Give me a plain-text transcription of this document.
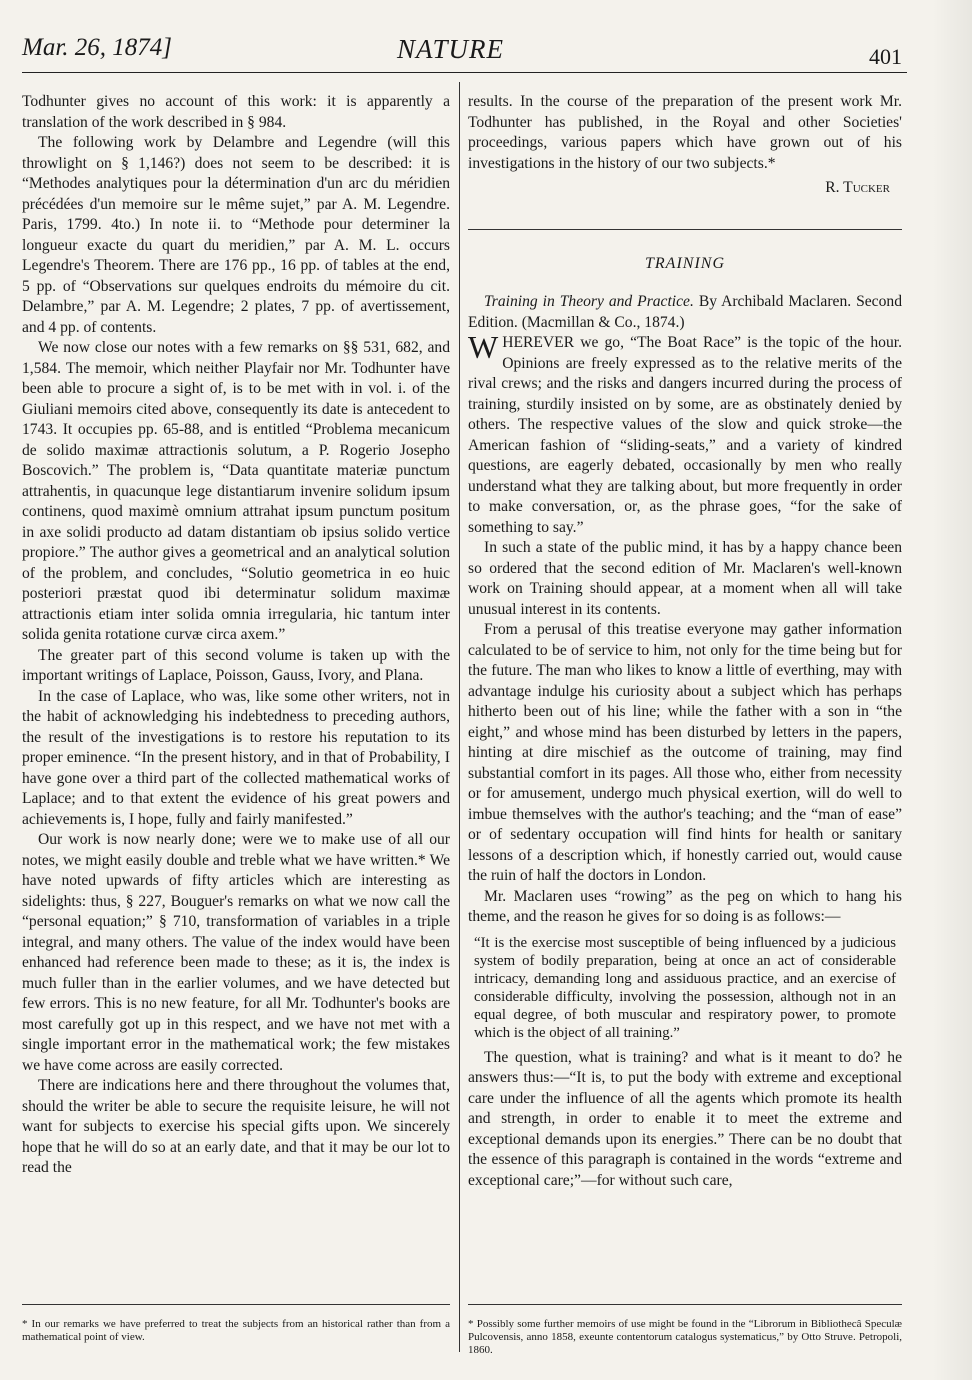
Mar. 26, 1874]	NATURE	401

Todhunter gives no account of this work: it is apparently a translation of the work described in § 984.

The following work by Delambre and Legendre (will this throwlight on § 1,146?) does not seem to be described: it is “Methodes analytiques pour la détermination d'un arc du méridien précédées d'un memoire sur le même sujet,” par A. M. Legendre. Paris, 1799. 4to.) In note ii. to “Methode pour determiner la longueur exacte du quart du meridien,” par A. M. L. occurs Legendre's Theorem. There are 176 pp., 16 pp. of tables at the end, 5 pp. of “Observations sur quelques endroits du mémoire du cit. Delambre,” par A. M. Legendre; 2 plates, 7 pp. of avertissement, and 4 pp. of contents.

We now close our notes with a few remarks on §§ 531, 682, and 1,584. The memoir, which neither Playfair nor Mr. Todhunter have been able to procure a sight of, is to be met with in vol. i. of the Giuliani memoirs cited above, consequently its date is antecedent to 1743. It occupies pp. 65-88, and is entitled “Problema mecanicum de solido maximæ attractionis solutum, a P. Rogerio Josepho Boscovich.” The problem is, “Data quantitate materiæ punctum attrahentis, in quacunque lege distantiarum invenire solidum ipsum continens, quod maximè omnium attrahat ipsum punctum positum in axe solidi producto ad datam distantiam ob ipsius solido vertice propiore.” The author gives a geometrical and an analytical solution of the problem, and concludes, “Solutio geometrica in eo huic posteriori præstat quod ibi determinatur solidum maximæ attractionis etiam inter solida omnia irregularia, hic tantum inter solida genita rotatione curvæ circa axem.”

The greater part of this second volume is taken up with the important writings of Laplace, Poisson, Gauss, Ivory, and Plana.

In the case of Laplace, who was, like some other writers, not in the habit of acknowledging his indebtedness to preceding authors, the result of the investigations is to restore his reputation to its proper eminence. “In the present history, and in that of Probability, I have gone over a third part of the collected mathematical works of Laplace; and to that extent the evidence of his great powers and achievements is, I hope, fully and fairly manifested.”

Our work is now nearly done; were we to make use of all our notes, we might easily double and treble what we have written.* We have noted upwards of fifty articles which are interesting as sidelights: thus, § 227, Bouguer's remarks on what we now call the “personal equation;” § 710, transformation of variables in a triple integral, and many others. The value of the index would have been enhanced had reference been made to these; as it is, the index is much fuller than in the earlier volumes, and we have detected but few errors. This is no new feature, for all Mr. Todhunter's books are most carefully got up in this respect, and we have not met with a single important error in the mathematical work; the few mistakes we have come across are easily corrected.

There are indications here and there throughout the volumes that, should the writer be able to secure the requisite leisure, he will not want for subjects to exercise his special gifts upon. We sincerely hope that he will do so at an early date, and that it may be our lot to read the

results. In the course of the preparation of the present work Mr. Todhunter has published, in the Royal and other Societies' proceedings, various papers which have grown out of his investigations in the history of our two subjects.*

R. Tucker
TRAINING

Training in Theory and Practice. By Archibald Maclaren. Second Edition. (Macmillan & Co., 1874.)

WHEREVER we go, “The Boat Race” is the topic of the hour. Opinions are freely expressed as to the relative merits of the rival crews; and the risks and dangers incurred during the process of training, sturdily insisted on by some, are as obstinately denied by others. The respective values of the slow and quick stroke—the American fashion of “sliding-seats,” and a variety of kindred questions, are eagerly debated, occasionally by men who really understand what they are talking about, but more frequently in order to make conversation, or, as the phrase goes, “for the sake of something to say.”

In such a state of the public mind, it has by a happy chance been so ordered that the second edition of Mr. Maclaren's well-known work on Training should appear, at a moment when all will take unusual interest in its contents.

From a perusal of this treatise everyone may gather information calculated to be of service to him, not only for the time being but for the future. The man who likes to know a little of everthing, may with advantage indulge his curiosity about a subject which has perhaps hitherto been out of his line; while the father with a son in “the eight,” and whose mind has been disturbed by letters in the papers, hinting at dire mischief as the outcome of training, may find substantial comfort in its pages. All those who, either from necessity or for amusement, undergo much physical exertion, will do well to imbue themselves with the author's teaching; and the “man of ease” or of sedentary occupation will find hints for health or sanitary lessons of a description which, if honestly carried out, would cause the ruin of half the doctors in London.

Mr. Maclaren uses “rowing” as the peg on which to hang his theme, and the reason he gives for so doing is as follows:—

“It is the exercise most susceptible of being influenced by a judicious system of bodily preparation, being at once an act of considerable intricacy, demanding long and assiduous practice, and an exercise of considerable difficulty, involving the possession, although not in an equal degree, of both muscular and respiratory power, to promote which is the object of all training.”

The question, what is training? and what is it meant to do? he answers thus:—“It is, to put the body with extreme and exceptional care under the influence of all the agents which promote its health and strength, in order to enable it to meet the extreme and exceptional demands upon its energies.” There can be no doubt that the essence of this paragraph is contained in the words “extreme and exceptional care;”—for without such care,

* In our remarks we have preferred to treat the subjects from an historical rather than from a mathematical point of view.
* Possibly some further memoirs of use might be found in the “Librorum in Bibliothecâ Speculæ Pulcovensis, anno 1858, exeunte contentorum catalogus systematicus,” by Otto Struve. Petropoli, 1860.
